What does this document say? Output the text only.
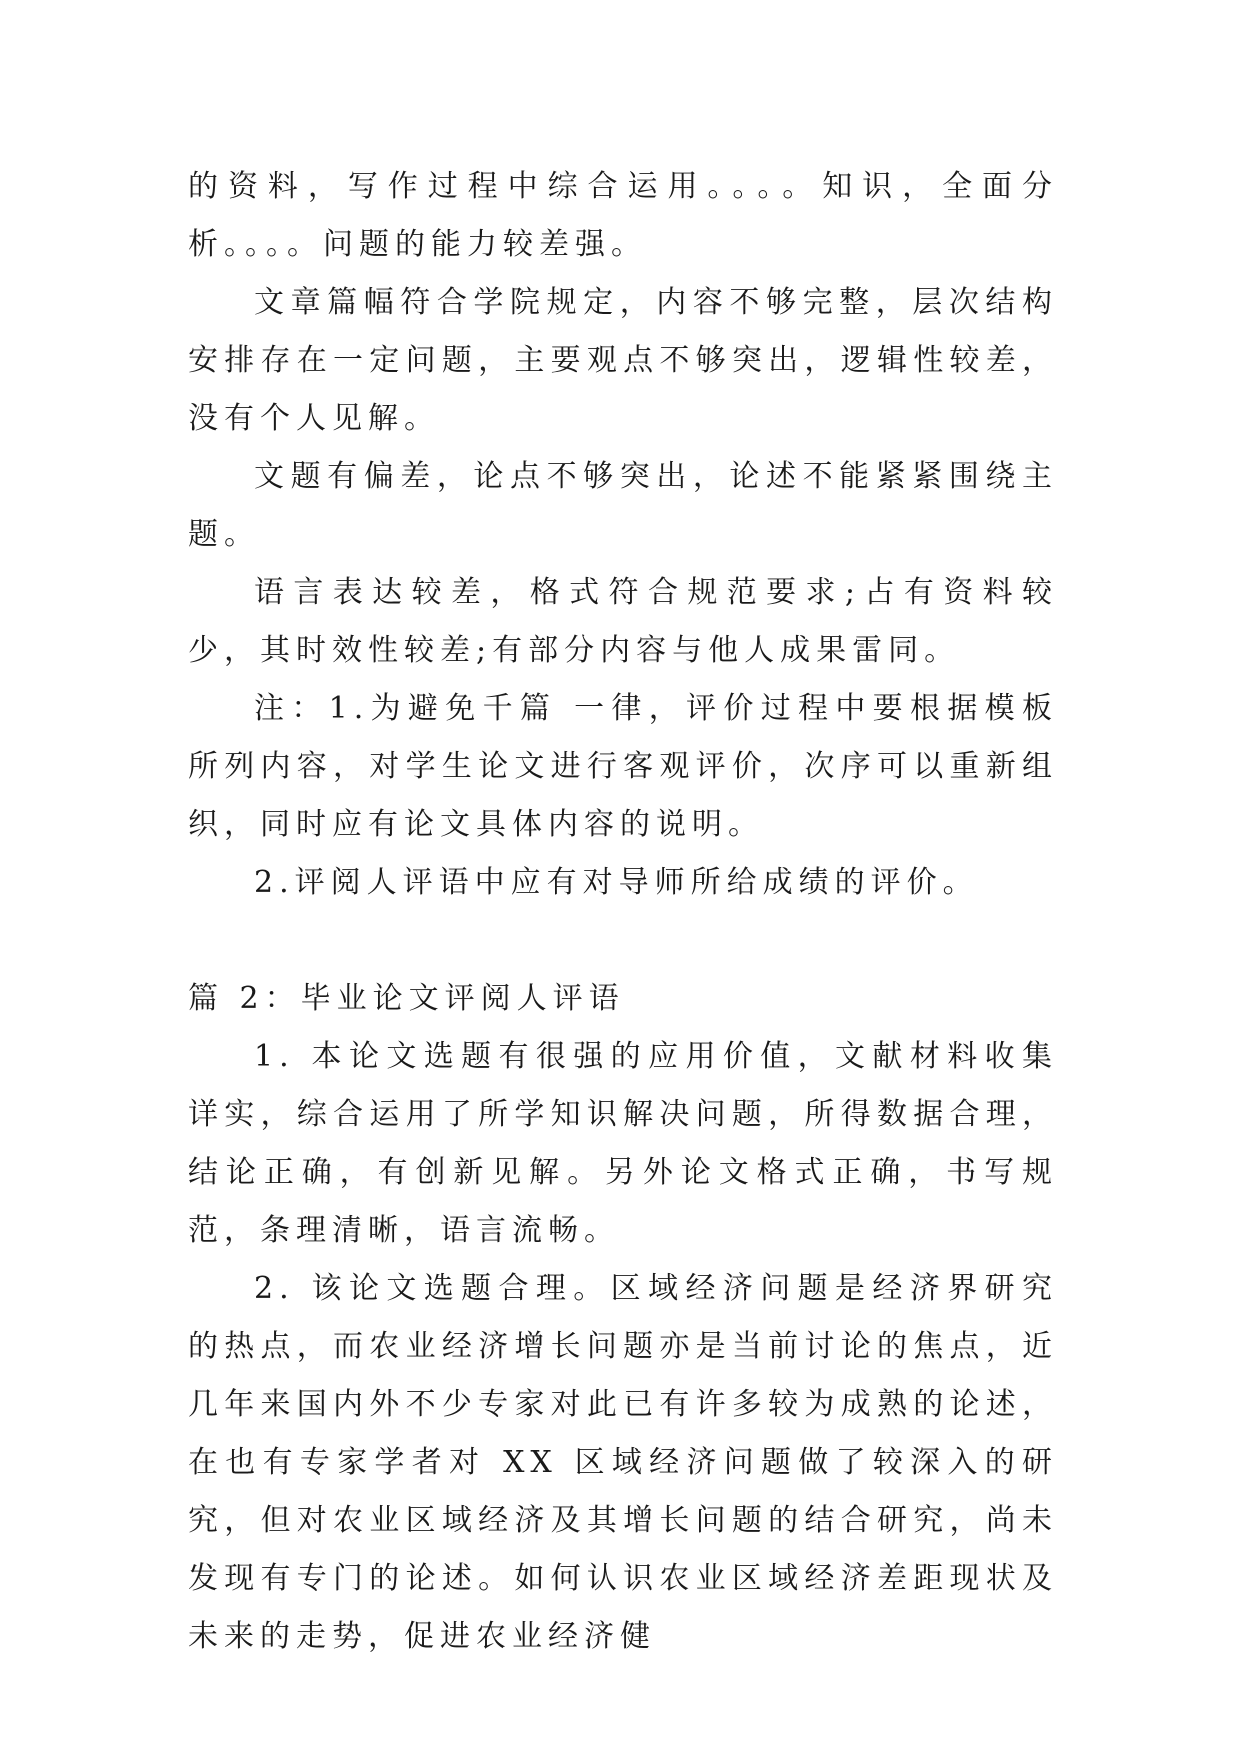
的资料，写作过程中综合运用。。。。知识，全面分析。。。。问题的能力较差强。

文章篇幅符合学院规定，内容不够完整，层次结构安排存在一定问题，主要观点不够突出，逻辑性较差，没有个人见解。

文题有偏差，论点不够突出，论述不能紧紧围绕主题。

语言表达较差，格式符合规范要求;占有资料较少，其时效性较差;有部分内容与他人成果雷同。

注：1.为避免千篇 一律，评价过程中要根据模板所列内容，对学生论文进行客观评价，次序可以重新组织，同时应有论文具体内容的说明。

2.评阅人评语中应有对导师所给成绩的评价。

篇 2：毕业论文评阅人评语

1. 本论文选题有很强的应用价值，文献材料收集详实，综合运用了所学知识解决问题，所得数据合理，结论正确，有创新见解。另外论文格式正确，书写规范，条理清晰，语言流畅。

2. 该论文选题合理。区域经济问题是经济界研究的热点，而农业经济增长问题亦是当前讨论的焦点，近几年来国内外不少专家对此已有许多较为成熟的论述，在也有专家学者对 XX 区域经济问题做了较深入的研究，但对农业区域经济及其增长问题的结合研究，尚未发现有专门的论述。如何认识农业区域经济差距现状及未来的走势，促进农业经济健
